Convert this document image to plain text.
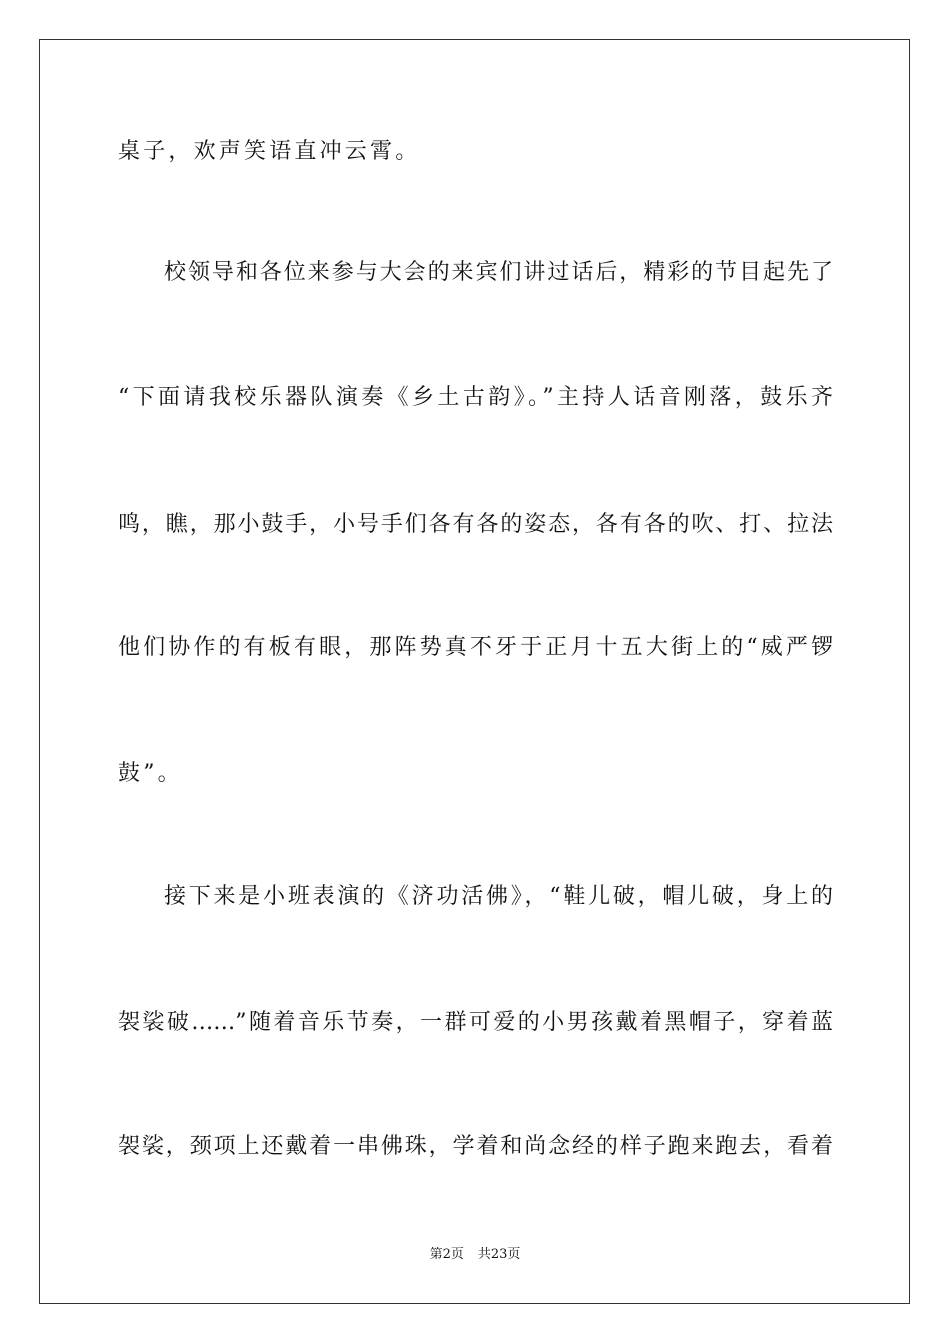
桌子，欢声笑语直冲云霄。
校领导和各位来参与大会的来宾们讲过话后，精彩的节目起先了
“下面请我校乐器队演奏《乡土古韵》。”主持人话音刚落，鼓乐齐
鸣，瞧，那小鼓手，小号手们各有各的姿态，各有各的吹、打、拉法
他们协作的有板有眼，那阵势真不牙于正月十五大街上的“威严锣
鼓”。
接下来是小班表演的《济功活佛》，“鞋儿破，帽儿破，身上的
袈裟破……”随着音乐节奏，一群可爱的小男孩戴着黑帽子，穿着蓝
袈裟，颈项上还戴着一串佛珠，学着和尚念经的样子跑来跑去，看着
第2页 共23页
